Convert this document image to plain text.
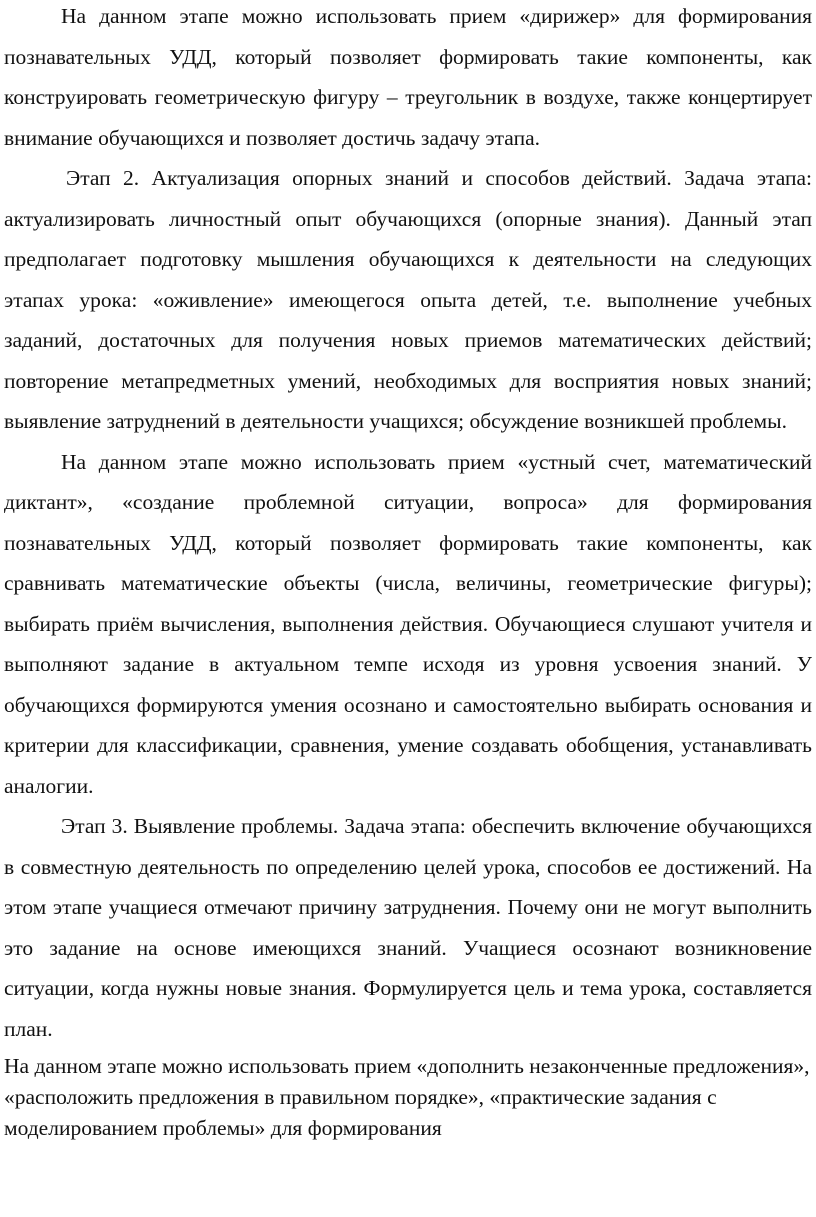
На данном этапе можно использовать прием «дирижер» для формирования познавательных УДД, который позволяет формировать такие компоненты, как конструировать геометрическую фигуру – треугольник в воздухе, также концертирует внимание обучающихся и позволяет достичь задачу этапа.

Этап 2. Актуализация опорных знаний и способов действий. Задача этапа: актуализировать личностный опыт обучающихся (опорные знания). Данный этап предполагает подготовку мышления обучающихся к деятельности на следующих этапах урока: «оживление» имеющегося опыта детей, т.е. выполнение учебных заданий, достаточных для получения новых приемов математических действий; повторение метапредметных умений, необходимых для восприятия новых знаний; выявление затруднений в деятельности учащихся; обсуждение возникшей проблемы.

На данном этапе можно использовать прием «устный счет, математический диктант», «создание проблемной ситуации, вопроса» для формирования познавательных УДД, который позволяет формировать такие компоненты, как сравнивать математические объекты (числа, величины, геометрические фигуры); выбирать приём вычисления, выполнения действия. Обучающиеся слушают учителя и выполняют задание в актуальном темпе исходя из уровня усвоения знаний. У обучающихся формируются умения осознано и самостоятельно выбирать основания и критерии для классификации, сравнения, умение создавать обобщения, устанавливать аналогии.

Этап 3. Выявление проблемы. Задача этапа: обеспечить включение обучающихся в совместную деятельность по определению целей урока, способов ее достижений. На этом этапе учащиеся отмечают причину затруднения. Почему они не могут выполнить это задание на основе имеющихся знаний. Учащиеся осознают возникновение ситуации, когда нужны новые знания. Формулируется цель и тема урока, составляется план.

На данном этапе можно использовать прием «дополнить незаконченные предложения», «расположить предложения в правильном порядке», «практические задания с моделированием проблемы» для формирования
